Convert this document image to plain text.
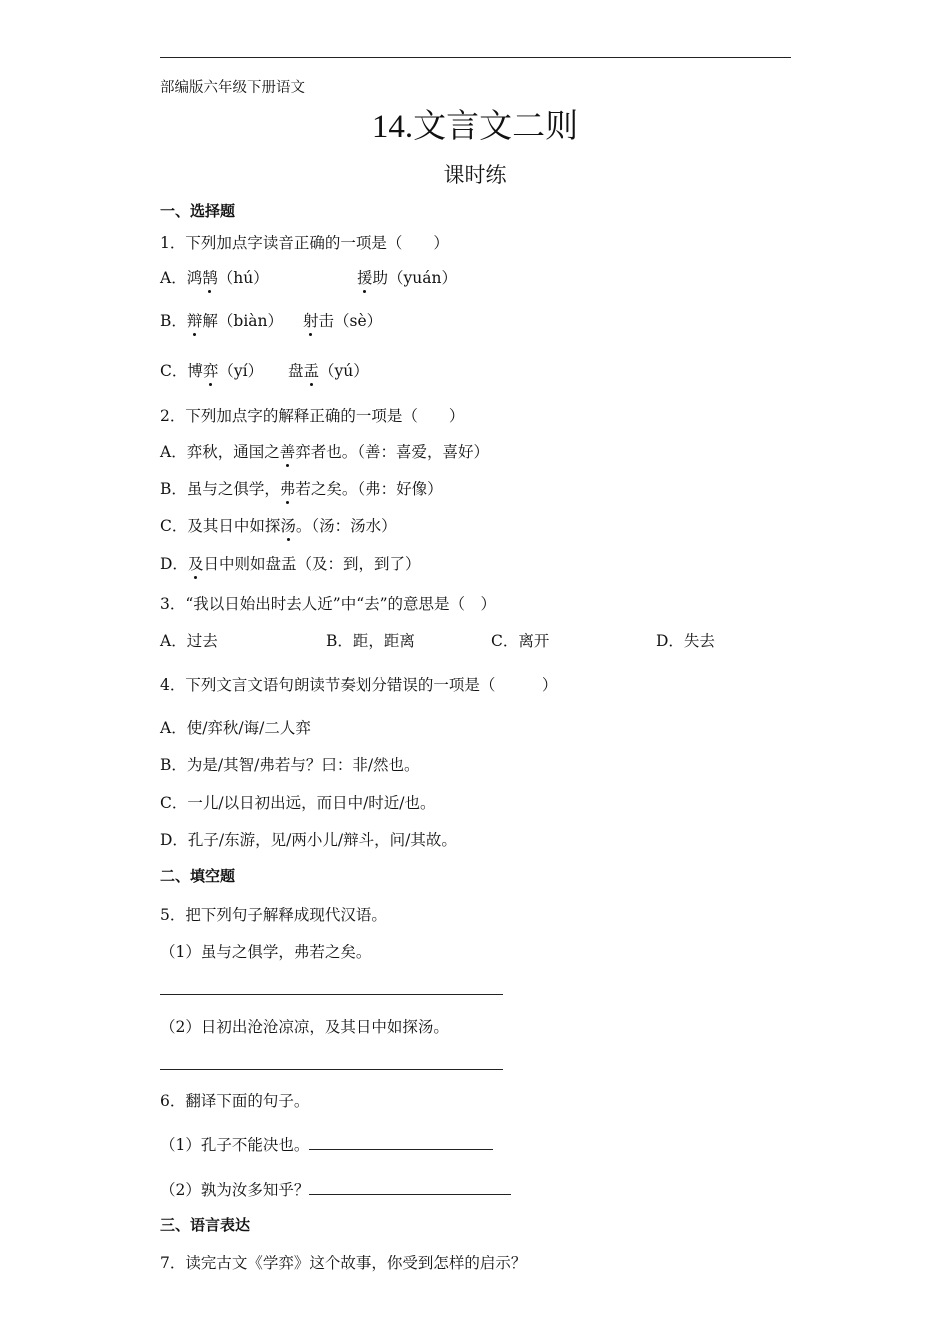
部编版六年级下册语文
14.文言文二则
课时练
一、选择题
1．下列加点字读音正确的一项是（　　）
A．鸿鹄（hú）	援助（yuán）
B．辩解（biàn） 射击（sè）
C．博弈（yí） 盘盂（yú）
2．下列加点字的解释正确的一项是（　　）
A．弈秋，通国之善弈者也。（善：喜爱，喜好）
B．虽与之俱学，弗若之矣。（弗：好像）
C．及其日中如探汤。（汤：汤水）
D．及日中则如盘盂（及：到，到了）
3．“我以日始出时去人近”中“去”的意思是（　）
A．过去	B．距，距离	C．离开	D．失去
4．下列文言文语句朗读节奏划分错误的一项是（　　　）
A．使/弈秋/诲/二人弈
B．为是/其智/弗若与？曰：非/然也。
C．一儿/以日初出远，而日中/时近/也。
D．孔子/东游，见/两小儿/辩斗，问/其故。
二、填空题
5．把下列句子解释成现代汉语。
（1）虽与之俱学，弗若之矣。
（2）日初出沧沧凉凉，及其日中如探汤。
6．翻译下面的句子。
（1）孔子不能决也。
（2）孰为汝多知乎？
三、语言表达
7．读完古文《学弈》这个故事，你受到怎样的启示？
